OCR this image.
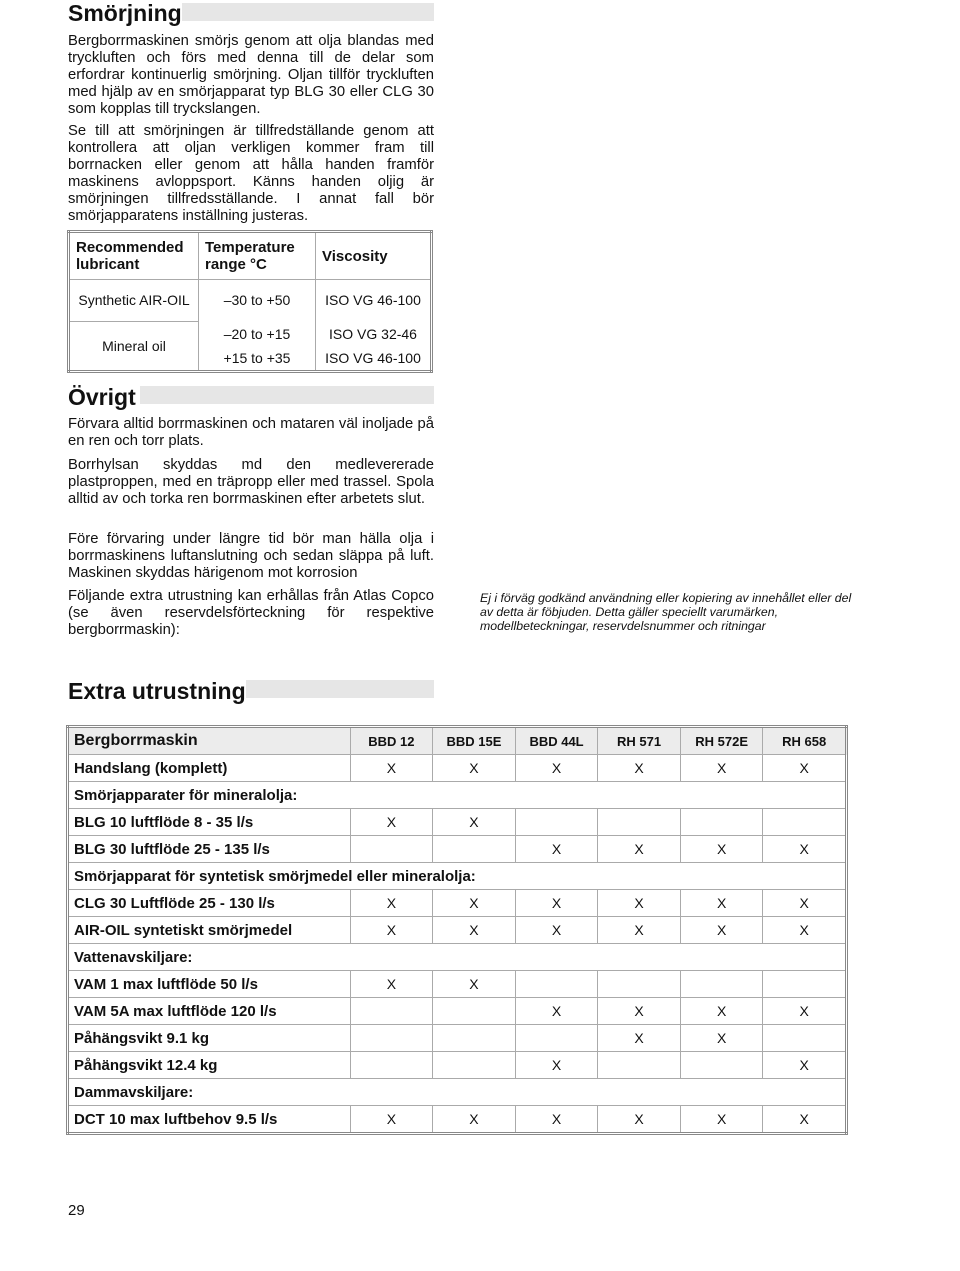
Smörjning

Bergborrmaskinen smörjs genom att olja blandas med tryckluften och förs med denna till de delar som erfordrar kontinuerlig smörjning. Oljan tillför tryckluften med hjälp av en smörjapparat typ BLG 30 eller CLG 30 som kopplas till tryckslangen.

Se till att smörjningen är tillfredställande genom att kontrollera att oljan verkligen kommer fram till borrnacken eller genom att hålla handen framför maskinens avloppsport. Känns handen oljig är smörjningen tillfredsställande. I annat fall bör smörjapparatens inställning justeras.

Recommended lubricant	Temperature range °C	Viscosity
Synthetic AIR-OIL	–30 to +50	ISO VG 46-100
Mineral oil	–20 to +15	ISO VG 32-46
	+15 to +35	ISO VG 46-100
Övrigt

Förvara alltid borrmaskinen och mataren väl inoljade på en ren och torr plats.

Borrhylsan skyddas md den medlevererade plastproppen, med en träpropp eller med trassel. Spola alltid av och torka ren borrmaskinen efter arbetets slut.

Före förvaring under längre tid bör man hälla olja i borrmaskinens luftanslutning och sedan släppa på luft. Maskinen skyddas härigenom mot korrosion

Följande extra utrustning kan erhållas från Atlas Copco (se även reservdelsförteckning för respektive bergborrmaskin):

Ej i förväg godkänd användning eller kopiering av innehållet eller del av detta är föbjuden. Detta gäller speciellt varumärken, modellbeteckningar, reservdelsnummer och ritningar

Extra utrustning
Bergborrmaskin	BBD 12	BBD 15E	BBD 44L	RH 571	RH 572E	RH 658
Handslang (komplett)	X	X	X	X	X	X
Smörjapparater för mineralolja:						
BLG 10 luftflöde 8 - 35 l/s	X	X				
BLG 30 luftflöde 25 - 135 l/s			X	X	X	X
Smörjapparat för syntetisk smörjmedel eller mineralolja:						
CLG 30 Luftflöde 25 - 130 l/s	X	X	X	X	X	X
AIR-OIL syntetiskt smörjmedel	X	X	X	X	X	X
Vattenavskiljare:						
VAM 1 max luftflöde 50 l/s	X	X				
VAM 5A max luftflöde 120 l/s			X	X	X	X
Påhängsvikt 9.1 kg				X	X	
Påhängsvikt 12.4 kg			X			X
Dammavskiljare:						
DCT 10 max luftbehov 9.5 l/s	X	X	X	X	X	X
29
